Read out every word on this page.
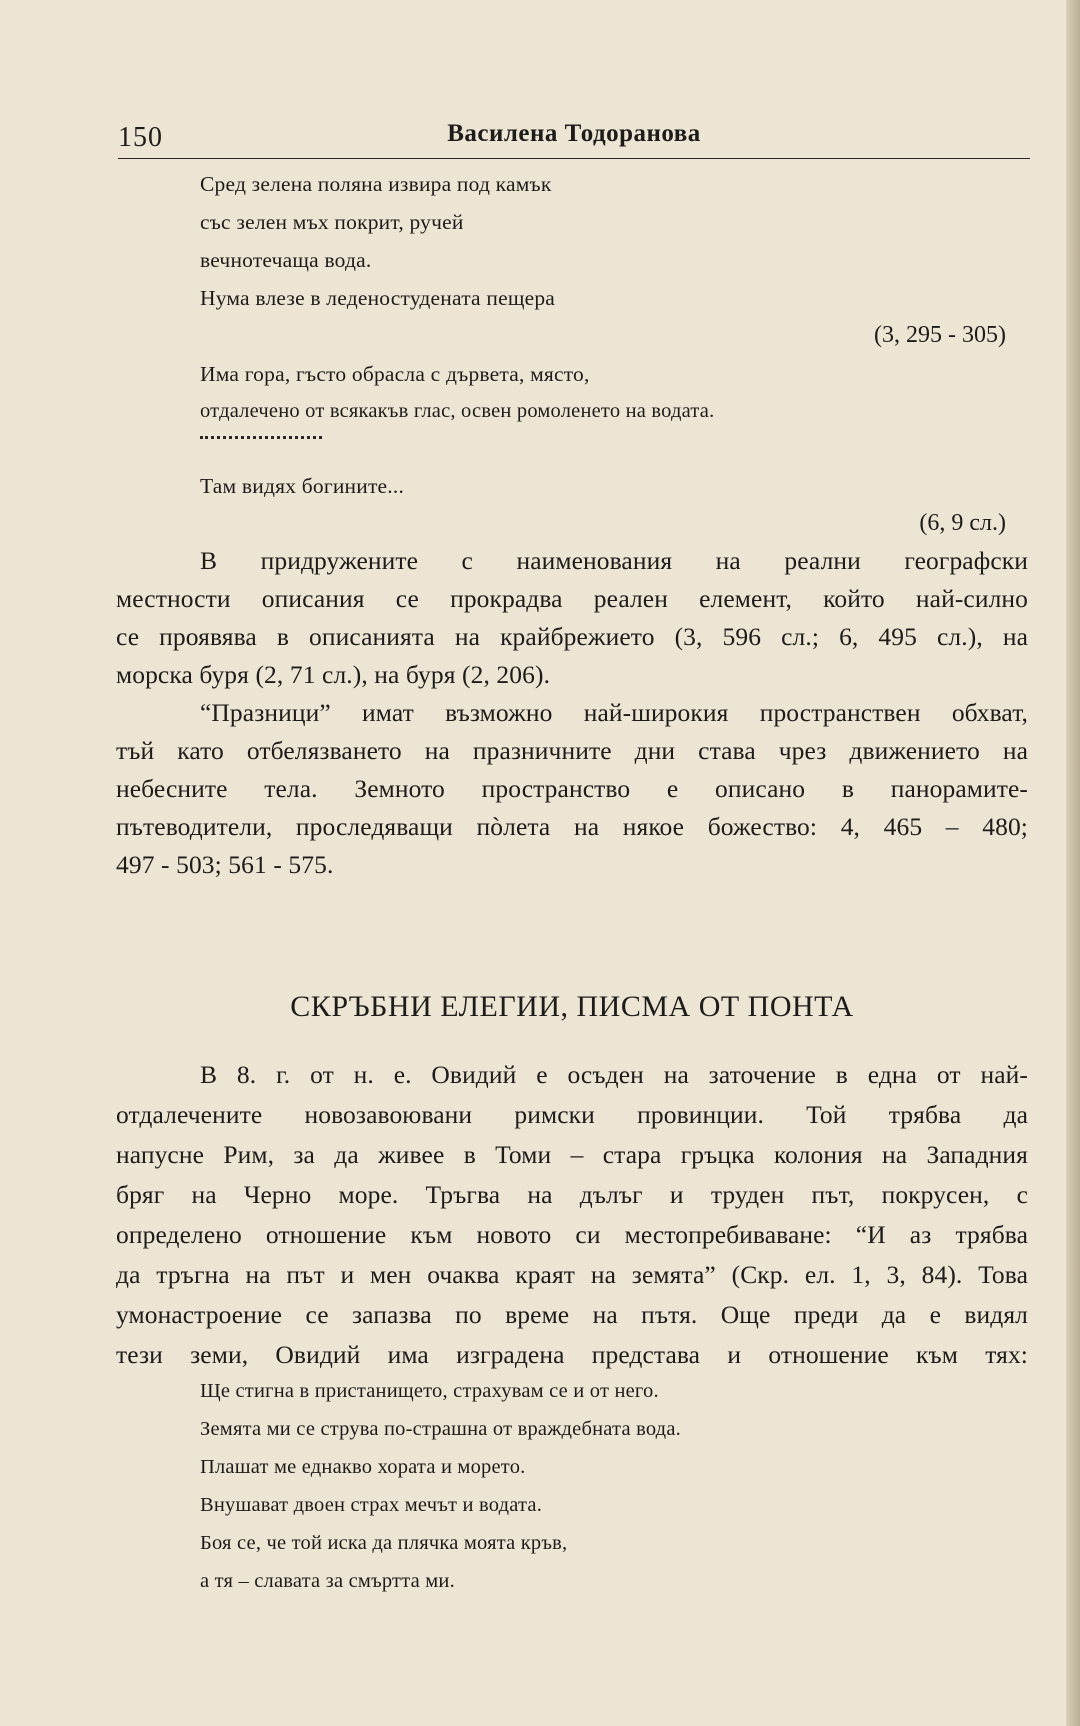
150	Василена Тодоранова
Сред зелена поляна извира под камък
със зелен мъх покрит, ручей
вечнотечаща вода.
Нума влезе в леденостудената пещера
(3, 295 - 305)
Има гора, гъсто обрасла с дървета, място,
отдалечено от всякакъв глас, освен ромоленето на водата.
Там видях богините...
(6, 9 сл.)
В придружените с наименования на реални географски
местности описания се прокрадва реален елемент, който най-силно
се проявява в описанията на крайбрежието (3, 596 сл.; 6, 495 сл.), на
морска буря (2, 71 сл.), на буря (2, 206).
“Празници” имат възможно най-широкия пространствен обхват,
тъй като отбелязването на празничните дни става чрез движението на
небесните тела. Земното пространство е описано в панорамите-
пътеводители, проследяващи пòлета на някое божество: 4, 465 – 480;
497 - 503; 561 - 575.
СКРЪБНИ ЕЛЕГИИ, ПИСМА ОТ ПОНТА
В 8. г. от н. е. Овидий е осъден на заточение в една от най-
отдалечените новозавоювани римски провинции. Той трябва да
напусне Рим, за да живее в Томи – стара гръцка колония на Западния
бряг на Черно море. Тръгва на дълъг и труден път, покрусен, с
определено отношение към новото си местопребиваване: “И аз трябва
да тръгна на път и мен очаква краят на земята” (Скр. ел. 1, 3, 84). Това
умонастроение се запазва по време на пътя. Още преди да е видял
тези земи, Овидий има изградена представа и отношение към тях:
Ще стигна в пристанището, страхувам се и от него.
Земята ми се струва по-страшна от враждебната вода.
Плашат ме еднакво хората и морето.
Внушават двоен страх мечът и водата.
Боя се, че той иска да плячка моята кръв,
а тя – славата за смъртта ми.
